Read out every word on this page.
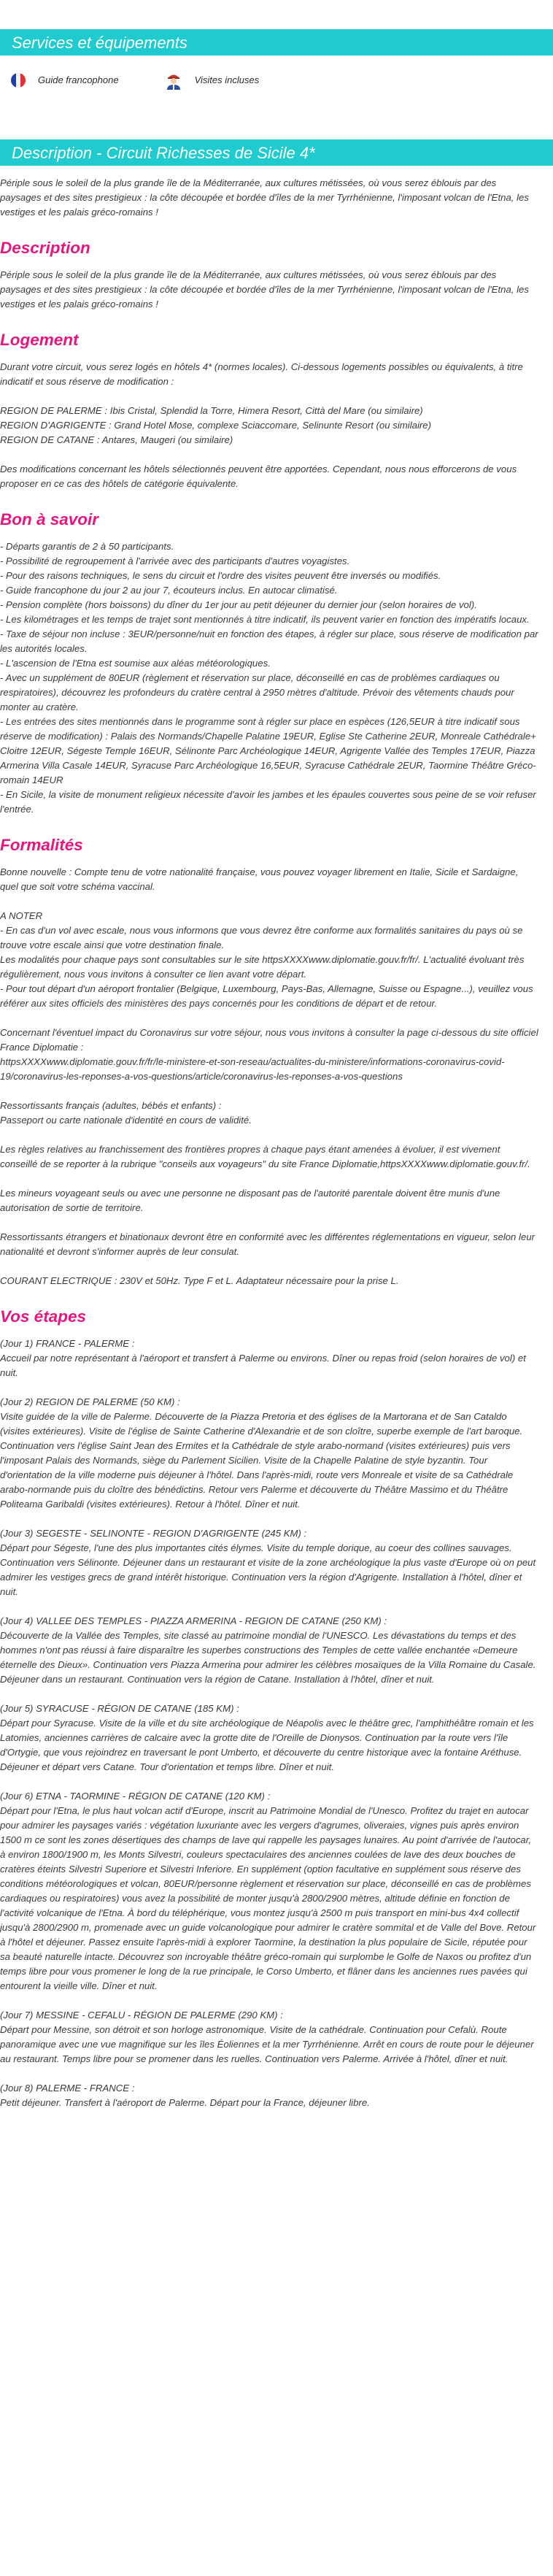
Services et équipements
Guide francophone	Visites incluses
Description - Circuit Richesses de Sicile 4*

Périple sous le soleil de la plus grande île de la Méditerranée, aux cultures métissées, où vous serez éblouis par des paysages et des sites prestigieux : la côte découpée et bordée d'îles de la mer Tyrrhénienne, l'imposant volcan de l'Etna, les vestiges et les palais gréco-romains !

Description

Périple sous le soleil de la plus grande île de la Méditerranée, aux cultures métissées, où vous serez éblouis par des paysages et des sites prestigieux : la côte découpée et bordée d'îles de la mer Tyrrhénienne, l'imposant volcan de l'Etna, les vestiges et les palais gréco-romains !

Logement

Durant votre circuit, vous serez logés en hôtels 4* (normes locales). Ci-dessous logements possibles ou équivalents, à titre indicatif et sous réserve de modification :

REGION DE PALERME : Ibis Cristal, Splendid la Torre, Himera Resort, Città del Mare (ou similaire)
REGION D'AGRIGENTE : Grand Hotel Mose, complexe Sciaccomare, Selinunte Resort (ou similaire)
REGION DE CATANE : Antares, Maugeri (ou similaire)

Des modifications concernant les hôtels sélectionnés peuvent être apportées. Cependant, nous nous efforcerons de vous proposer en ce cas des hôtels de catégorie équivalente.

Bon à savoir
- Départs garantis de 2 à 50 participants.
- Possibilité de regroupement à l'arrivée avec des participants d'autres voyagistes.
- Pour des raisons techniques, le sens du circuit et l'ordre des visites peuvent être inversés ou modifiés.
- Guide francophone du jour 2 au jour 7, écouteurs inclus. En autocar climatisé.
- Pension complète (hors boissons) du dîner du 1er jour au petit déjeuner du dernier jour (selon horaires de vol).
- Les kilométrages et les temps de trajet sont mentionnés à titre indicatif, ils peuvent varier en fonction des impératifs locaux.
- Taxe de séjour non incluse : 3EUR/personne/nuit en fonction des étapes, à régler sur place, sous réserve de modification par les autorités locales.
- L'ascension de l'Etna est soumise aux aléas météorologiques.
- Avec un supplément de 80EUR (règlement et réservation sur place, déconseillé en cas de problèmes cardiaques ou respiratoires), découvrez les profondeurs du cratère central à 2950 mètres d'altitude. Prévoir des vêtements chauds pour monter au cratère.
- Les entrées des sites mentionnés dans le programme sont à régler sur place en espèces (126,5EUR à titre indicatif sous réserve de modification) : Palais des Normands/Chapelle Palatine 19EUR, Eglise Ste Catherine 2EUR, Monreale Cathédrale+ Cloitre 12EUR, Ségeste Temple 16EUR, Sélinonte Parc Archéologique 14EUR, Agrigente Vallée des Temples 17EUR, Piazza Armerina Villa Casale 14EUR, Syracuse Parc Archéologique 16,5EUR, Syracuse Cathédrale 2EUR, Taormine Théâtre Gréco-romain 14EUR
- En Sicile, la visite de monument religieux nécessite d'avoir les jambes et les épaules couvertes sous peine de se voir refuser l'entrée.
Formalités

Bonne nouvelle : Compte tenu de votre nationalité française, vous pouvez voyager librement en Italie, Sicile et Sardaigne, quel que soit votre schéma vaccinal.

A NOTER
- En cas d'un vol avec escale, nous vous informons que vous devrez être conforme aux formalités sanitaires du pays où se trouve votre escale ainsi que votre destination finale.
Les modalités pour chaque pays sont consultables sur le site httpsXXXXwww.diplomatie.gouv.fr/fr/. L'actualité évoluant très régulièrement, nous vous invitons à consulter ce lien avant votre départ.
- Pour tout départ d'un aéroport frontalier (Belgique, Luxembourg, Pays-Bas, Allemagne, Suisse ou Espagne...), veuillez vous référer aux sites officiels des ministères des pays concernés pour les conditions de départ et de retour.

Concernant l'éventuel impact du Coronavirus sur votre séjour, nous vous invitons à consulter la page ci-dessous du site officiel France Diplomatie :
httpsXXXXwww.diplomatie.gouv.fr/fr/le-ministere-et-son-reseau/actualites-du-ministere/informations-coronavirus-covid-19/coronavirus-les-reponses-a-vos-questions/article/coronavirus-les-reponses-a-vos-questions

Ressortissants français (adultes, bébés et enfants) :
Passeport ou carte nationale d'identité en cours de validité.

Les règles relatives au franchissement des frontières propres à chaque pays étant amenées à évoluer, il est vivement conseillé de se reporter à la rubrique "conseils aux voyageurs" du site France Diplomatie,httpsXXXXwww.diplomatie.gouv.fr/.

Les mineurs voyageant seuls ou avec une personne ne disposant pas de l'autorité parentale doivent être munis d'une autorisation de sortie de territoire.

Ressortissants étrangers et binationaux devront être en conformité avec les différentes réglementations en vigueur, selon leur nationalité et devront s'informer auprès de leur consulat.

COURANT ELECTRIQUE : 230V et 50Hz. Type F et L. Adaptateur nécessaire pour la prise L.

Vos étapes

(Jour 1) FRANCE - PALERME :
Accueil par notre représentant à l'aéroport et transfert à Palerme ou environs. Dîner ou repas froid (selon horaires de vol) et nuit.

(Jour 2) REGION DE PALERME (50 KM) :
Visite guidée de la ville de Palerme. Découverte de la Piazza Pretoria et des églises de la Martorana et de San Cataldo (visites extérieures). Visite de l'église de Sainte Catherine d'Alexandrie et de son cloître, superbe exemple de l'art baroque. Continuation vers l'église Saint Jean des Ermites et la Cathédrale de style arabo-normand (visites extérieures) puis vers l'imposant Palais des Normands, siège du Parlement Sicilien. Visite de la Chapelle Palatine de style byzantin. Tour d'orientation de la ville moderne puis déjeuner à l'hôtel. Dans l'après-midi, route vers Monreale et visite de sa Cathédrale arabo-normande puis du cloître des bénédictins. Retour vers Palerme et découverte du Théâtre Massimo et du Théâtre Politeama Garibaldi (visites extérieures). Retour à l'hôtel. Dîner et nuit.

(Jour 3) SEGESTE - SELINONTE - REGION D'AGRIGENTE (245 KM) :
Départ pour Ségeste, l'une des plus importantes cités élymes. Visite du temple dorique, au coeur des collines sauvages. Continuation vers Sélinonte. Déjeuner dans un restaurant et visite de la zone archéologique la plus vaste d'Europe où on peut admirer les vestiges grecs de grand intérêt historique. Continuation vers la région d'Agrigente. Installation à l'hôtel, dîner et nuit.

(Jour 4) VALLEE DES TEMPLES - PIAZZA ARMERINA - REGION DE CATANE (250 KM) :
Découverte de la Vallée des Temples, site classé au patrimoine mondial de l'UNESCO. Les dévastations du temps et des hommes n'ont pas réussi à faire disparaître les superbes constructions des Temples de cette vallée enchantée «Demeure éternelle des Dieux». Continuation vers Piazza Armerina pour admirer les célèbres mosaïques de la Villa Romaine du Casale. Déjeuner dans un restaurant. Continuation vers la région de Catane. Installation à l'hôtel, dîner et nuit.

(Jour 5) SYRACUSE - RÉGION DE CATANE (185 KM) :
Départ pour Syracuse. Visite de la ville et du site archéologique de Néapolis avec le théâtre grec, l'amphithéâtre romain et les Latomies, anciennes carrières de calcaire avec la grotte dite de l'Oreille de Dionysos. Continuation par la route vers l'île d'Ortygie, que vous rejoindrez en traversant le pont Umberto, et découverte du centre historique avec la fontaine Aréthuse. Déjeuner et départ vers Catane. Tour d'orientation et temps libre. Dîner et nuit.

(Jour 6) ETNA - TAORMINE - RÉGION DE CATANE (120 KM) :
Départ pour l'Etna, le plus haut volcan actif d'Europe, inscrit au Patrimoine Mondial de l'Unesco. Profitez du trajet en autocar pour admirer les paysages variés : végétation luxuriante avec les vergers d'agrumes, oliveraies, vignes puis après environ 1500 m ce sont les zones désertiques des champs de lave qui rappelle les paysages lunaires. Au point d'arrivée de l'autocar, à environ 1800/1900 m, les Monts Silvestri, couleurs spectaculaires des anciennes coulées de lave des deux bouches de cratères éteints Silvestri Superiore et Silvestri Inferiore. En supplément (option facultative en supplément sous réserve des conditions météorologiques et volcan, 80EUR/personne règlement et réservation sur place, déconseillé en cas de problèmes cardiaques ou respiratoires) vous avez la possibilité de monter jusqu'à 2800/2900 mètres, altitude définie en fonction de l'activité volcanique de l'Etna. À bord du téléphérique, vous montez jusqu'à 2500 m puis transport en mini-bus 4x4 collectif jusqu'à 2800/2900 m, promenade avec un guide volcanologique pour admirer le cratère sommital et de Valle del Bove. Retour à l'hôtel et déjeuner. Passez ensuite l'après-midi à explorer Taormine, la destination la plus populaire de Sicile, réputée pour sa beauté naturelle intacte. Découvrez son incroyable théâtre gréco-romain qui surplombe le Golfe de Naxos ou profitez d'un temps libre pour vous promener le long de la rue principale, le Corso Umberto, et flâner dans les anciennes rues pavées qui entourent la vieille ville. Dîner et nuit.

(Jour 7) MESSINE - CEFALU - RÉGION DE PALERME (290 KM) :
Départ pour Messine, son détroit et son horloge astronomique. Visite de la cathédrale. Continuation pour Cefalù. Route panoramique avec une vue magnifique sur les îles Éoliennes et la mer Tyrrhénienne. Arrêt en cours de route pour le déjeuner au restaurant. Temps libre pour se promener dans les ruelles. Continuation vers Palerme. Arrivée à l'hôtel, dîner et nuit.

(Jour 8) PALERME - FRANCE :
Petit déjeuner. Transfert à l'aéroport de Palerme. Départ pour la France, déjeuner libre.
